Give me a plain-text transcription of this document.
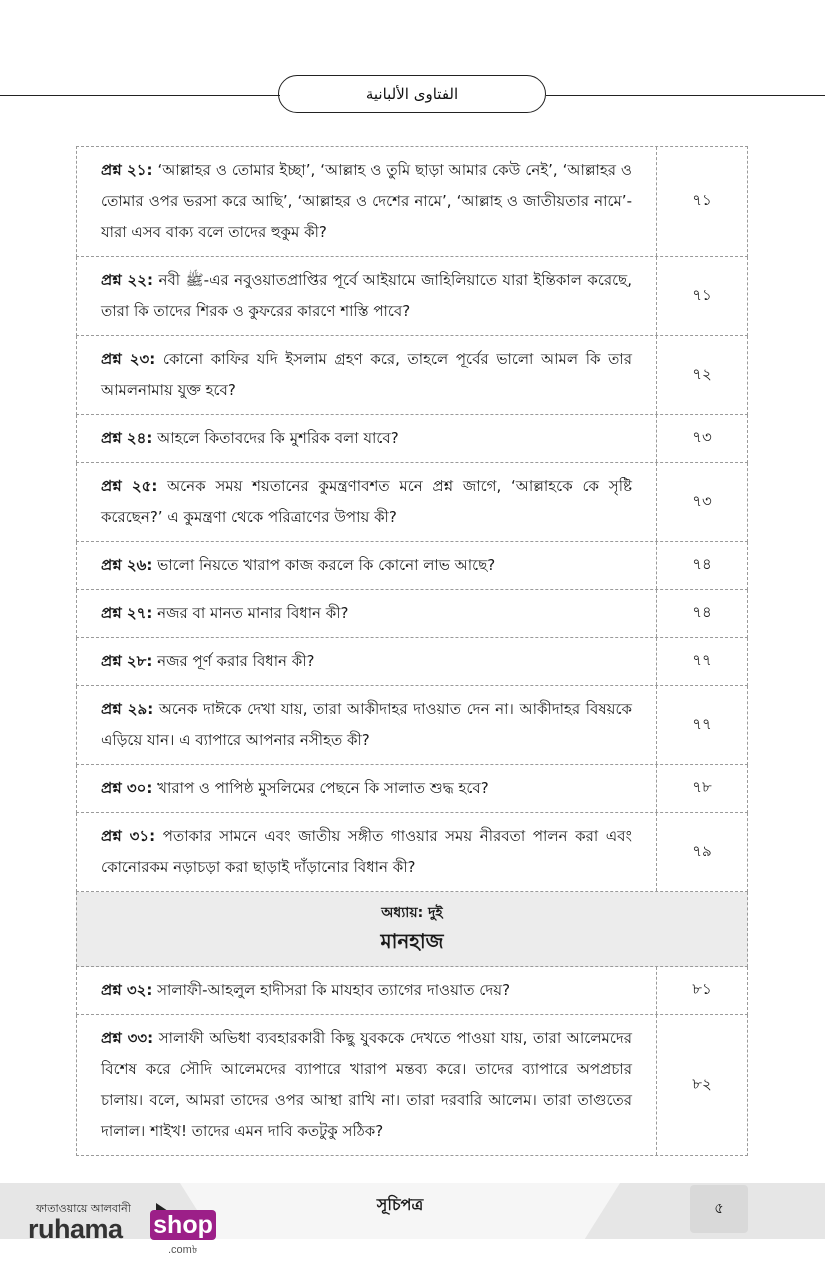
الفتاوى الألبانية
প্রশ্ন ২১: ‘আল্লাহর ও তোমার ইচ্ছা’, ‘আল্লাহ ও তুমি ছাড়া আমার কেউ নেই’, ‘আল্লাহর ও তোমার ওপর ভরসা করে আছি’, ‘আল্লাহর ও দেশের নামে’, ‘আল্লাহ ও জাতীয়তার নামে’-যারা এসব বাক্য বলে তাদের হুকুম কী?
৭১
প্রশ্ন ২২: নবী ﷺ-এর নবুওয়াতপ্রাপ্তির পূর্বে আইয়ামে জাহিলিয়াতে যারা ইন্তিকাল করেছে, তারা কি তাদের শিরক ও কুফরের কারণে শাস্তি পাবে?
৭১
প্রশ্ন ২৩: কোনো কাফির যদি ইসলাম গ্রহণ করে, তাহলে পূর্বের ভালো আমল কি তার আমলনামায় যুক্ত হবে?
৭২
প্রশ্ন ২৪: আহলে কিতাবদের কি মুশরিক বলা যাবে?	৭৩
প্রশ্ন ২৫: অনেক সময় শয়তানের কুমন্ত্রণাবশত মনে প্রশ্ন জাগে, ‘আল্লাহকে কে সৃষ্টি করেছেন?’ এ কুমন্ত্রণা থেকে পরিত্রাণের উপায় কী?
৭৩
প্রশ্ন ২৬: ভালো নিয়তে খারাপ কাজ করলে কি কোনো লাভ আছে?	৭৪
প্রশ্ন ২৭: নজর বা মানত মানার বিধান কী?	৭৪
প্রশ্ন ২৮: নজর পূর্ণ করার বিধান কী?	৭৭
প্রশ্ন ২৯: অনেক দাঈকে দেখা যায়, তারা আকীদাহর দাওয়াত দেন না। আকীদাহর বিষয়কে এড়িয়ে যান। এ ব্যাপারে আপনার নসীহত কী?
৭৭
প্রশ্ন ৩০: খারাপ ও পাপিষ্ঠ মুসলিমের পেছনে কি সালাত শুদ্ধ হবে?	৭৮
প্রশ্ন ৩১: পতাকার সামনে এবং জাতীয় সঙ্গীত গাওয়ার সময় নীরবতা পালন করা এবং কোনোরকম নড়াচড়া করা ছাড়াই দাঁড়ানোর বিধান কী?
৭৯
অধ্যায়: দুই
মানহাজ
প্রশ্ন ৩২: সালাফী-আহলুল হাদীসরা কি মাযহাব ত্যাগের দাওয়াত দেয়?	৮১
প্রশ্ন ৩৩: সালাফী অভিধা ব্যবহারকারী কিছু যুবককে দেখতে পাওয়া যায়, তারা আলেমদের বিশেষ করে সৌদি আলেমদের ব্যাপারে খারাপ মন্তব্য করে। তাদের ব্যাপারে অপপ্রচার চালায়। বলে, আমরা তাদের ওপর আস্থা রাখি না। তারা দরবারি আলেম। তারা তাগুতের দালাল। শাইখ! তাদের এমন দাবি কতটুকু সঠিক?
৮২
সূচিপত্র	৫
ফাতাওয়ায়ে আলবানী
ruhama shop
.com৳
